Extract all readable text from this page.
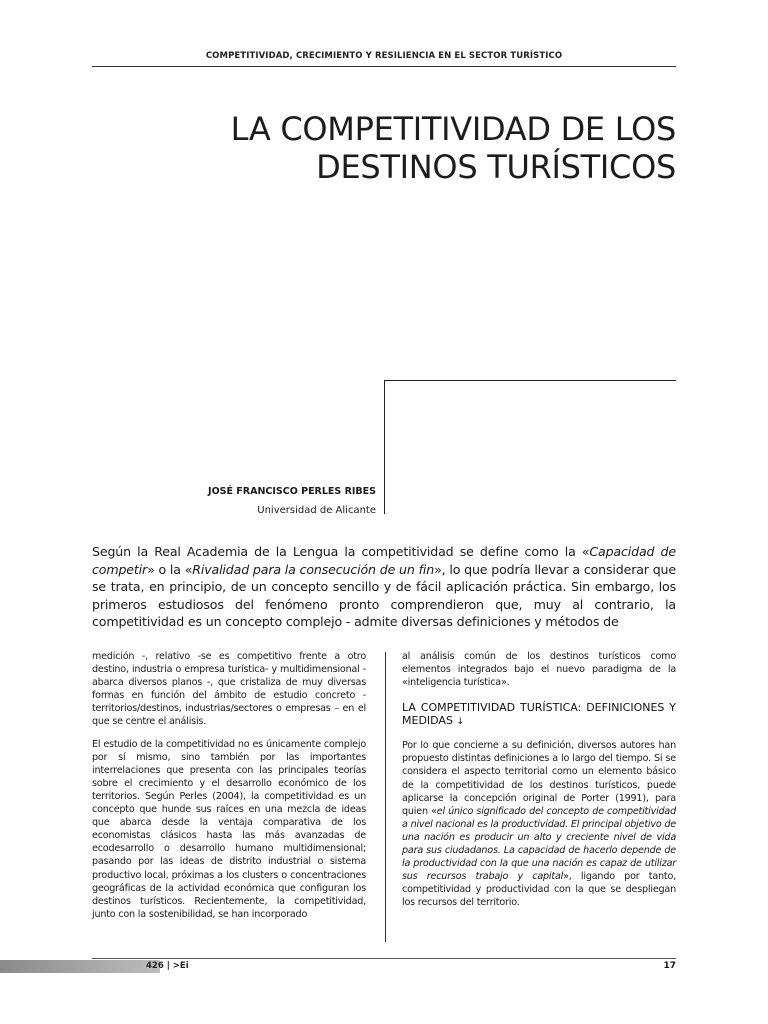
COMPETITIVIDAD, CRECIMIENTO Y RESILIENCIA EN EL SECTOR TURÍSTICO
LA COMPETITIVIDAD DE LOS
DESTINOS TURÍSTICOS
JOSÉ FRANCISCO PERLES RIBES
Universidad de Alicante

Según la Real Academia de la Lengua la competitividad se define como la «Capacidad de competir» o la «Rivalidad para la consecución de un fin», lo que podría llevar a considerar que se trata, en principio, de un concepto sencillo y de fácil aplicación práctica. Sin embargo, los primeros estudiosos del fenómeno pronto comprendieron que, muy al contrario, la competitividad es un concepto complejo - admite diversas definiciones y métodos de

medición -, relativo -se es competitivo frente a otro destino, industria o empresa turística- y multidimensional - abarca diversos planos -, que cristaliza de muy diversas formas en función del ámbito de estudio concreto -territorios/destinos, industrias/sectores o empresas – en el que se centre el análisis.

El estudio de la competitividad no es únicamente complejo por sí mismo, sino también por las importantes interrelaciones que presenta con las principales teorías sobre el crecimiento y el desarrollo económico de los territorios. Según Perles (2004), la competitividad es un concepto que hunde sus raíces en una mezcla de ideas que abarca desde la ventaja comparativa de los economistas clásicos hasta las más avanzadas de ecodesarrollo o desarrollo humano multidimensional; pasando por las ideas de distrito industrial o sistema productivo local, próximas a los clusters o concentraciones geográficas de la actividad económica que configuran los destinos turísticos. Recientemente, la competitividad, junto con la sostenibilidad, se han incorporado

al análisis común de los destinos turísticos como elementos integrados bajo el nuevo paradigma de la «inteligencia turística».

LA COMPETITIVIDAD TURÍSTICA: DEFINICIONES Y MEDIDAS ↓

Por lo que concierne a su definición, diversos autores han propuesto distintas definiciones a lo largo del tiempo. Si se considera el aspecto territorial como un elemento básico de la competitividad de los destinos turísticos, puede aplicarse la concepción original de Porter (1991), para quien «el único significado del concepto de competitividad a nivel nacional es la productividad. El principal objetivo de una nación es producir un alto y creciente nivel de vida para sus ciudadanos. La capacidad de hacerlo depende de la productividad con la que una nación es capaz de utilizar sus recursos trabajo y capital», ligando por tanto, competitividad y productividad con la que se despliegan los recursos del territorio.

426 | >Ei	17
